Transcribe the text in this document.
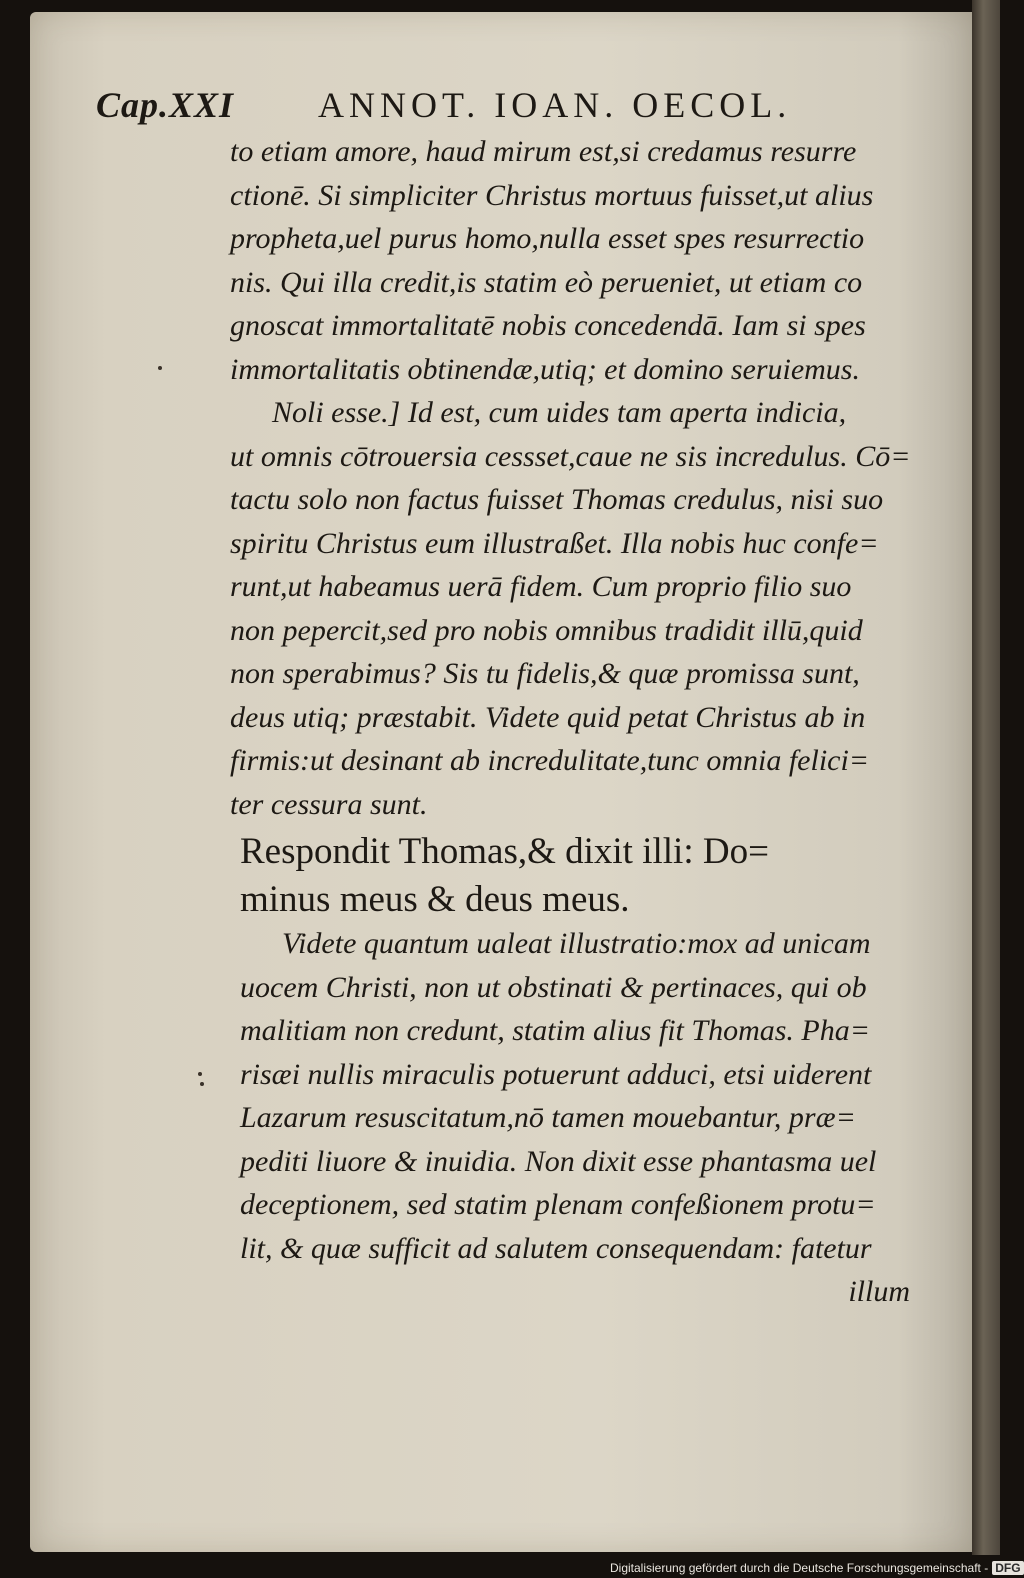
Cap.XXI ANNOT. IOAN. OECOL.
to etiam amore, haud mirum est,si credamus resurre
ctionē. Si simpliciter Christus mortuus fuisset,ut alius
propheta,uel purus homo,nulla esset spes resurrectio
nis. Qui illa credit,is statim eò perueniet, ut etiam co
gnoscat immortalitatē nobis concedendā. Iam si spes
immortalitatis obtinendæ,utiq; et domino seruiemus.
Noli esse.] Id est, cum uides tam aperta indicia,
ut omnis cōtrouersia cessset,caue ne sis incredulus. Cō=
tactu solo non factus fuisset Thomas credulus, nisi suo
spiritu Christus eum illustraßet. Illa nobis huc confe=
runt,ut habeamus uerā fidem. Cum proprio filio suo
non pepercit,sed pro nobis omnibus tradidit illū,quid
non sperabimus? Sis tu fidelis,& quæ promissa sunt,
deus utiq; præstabit. Videte quid petat Christus ab in
firmis:ut desinant ab incredulitate,tunc omnia felici=
ter cessura sunt.
Respondit Thomas,& dixit illi: Do=
minus meus & deus meus.
Videte quantum ualeat illustratio:mox ad unicam
uocem Christi, non ut obstinati & pertinaces, qui ob
malitiam non credunt, statim alius fit Thomas. Pha=
risæi nullis miraculis potuerunt adduci, etsi uiderent
Lazarum resuscitatum,nō tamen mouebantur, præ=
pediti liuore & inuidia. Non dixit esse phantasma uel
deceptionem, sed statim plenam confeßionem protu=
lit, & quæ sufficit ad salutem consequendam: fatetur
illum
Digitalisierung gefördert durch die Deutsche Forschungsgemeinschaft - DFG
